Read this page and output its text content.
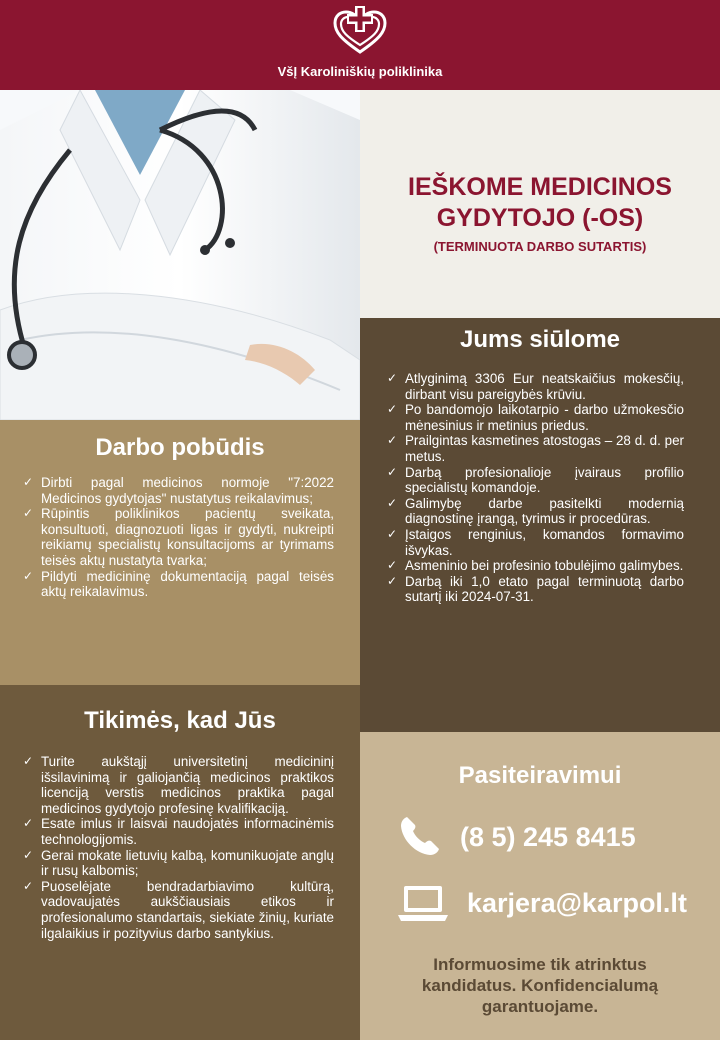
VšĮ Karoliniškių poliklinika
IEŠKOME MEDICINOS
GYDYTOJO (-OS)
(TERMINUOTA DARBO SUTARTIS)
Darbo pobūdis
✓ Dirbti pagal medicinos normoje "7:2022 Medicinos gydytojas" nustatytus reikalavimus;
✓ Rūpintis poliklinikos pacientų sveikata, konsultuoti, diagnozuoti ligas ir gydyti, nukreipti reikiamų specialistų konsultacijoms ar tyrimams teisės aktų nustatyta tvarka;
✓ Pildyti medicininę dokumentaciją pagal teisės aktų reikalavimus.
Tikimės, kad Jūs
✓ Turite aukštąjį universitetinį medicininį išsilavinimą ir galiojančią medicinos praktikos licenciją verstis medicinos praktika pagal medicinos gydytojo profesinę kvalifikaciją.
✓ Esate imlus ir laisvai naudojatės informacinėmis technologijomis.
✓ Gerai mokate lietuvių kalbą, komunikuojate anglų ir rusų kalbomis;
✓ Puoselėjate bendradarbiavimo kultūrą, vadovaujatės aukščiausiais etikos ir profesionalumo standartais, siekiate žinių, kuriate ilgalaikius ir pozityvius darbo santykius.
Jums siūlome
✓ Atlyginimą 3306 Eur neatskaičius mokesčių, dirbant visu pareigybės krūviu.
✓ Po bandomojo laikotarpio - darbo užmokesčio mėnesinius ir metinius priedus.
✓ Prailgintas kasmetines atostogas – 28 d. d. per metus.
✓ Darbą profesionalioje įvairaus profilio specialistų komandoje.
✓ Galimybę darbe pasitelkti modernią diagnostinę įrangą, tyrimus ir procedūras.
✓ Įstaigos renginius, komandos formavimo išvykas.
✓ Asmeninio bei profesinio tobulėjimo galimybes.
✓ Darbą iki 1,0 etato pagal terminuotą darbo sutartį iki 2024-07-31.
Pasiteiravimui
(8 5) 245 8415
karjera@karpol.lt
Informuosime tik atrinktus kandidatus. Konfidencialumą garantuojame.
